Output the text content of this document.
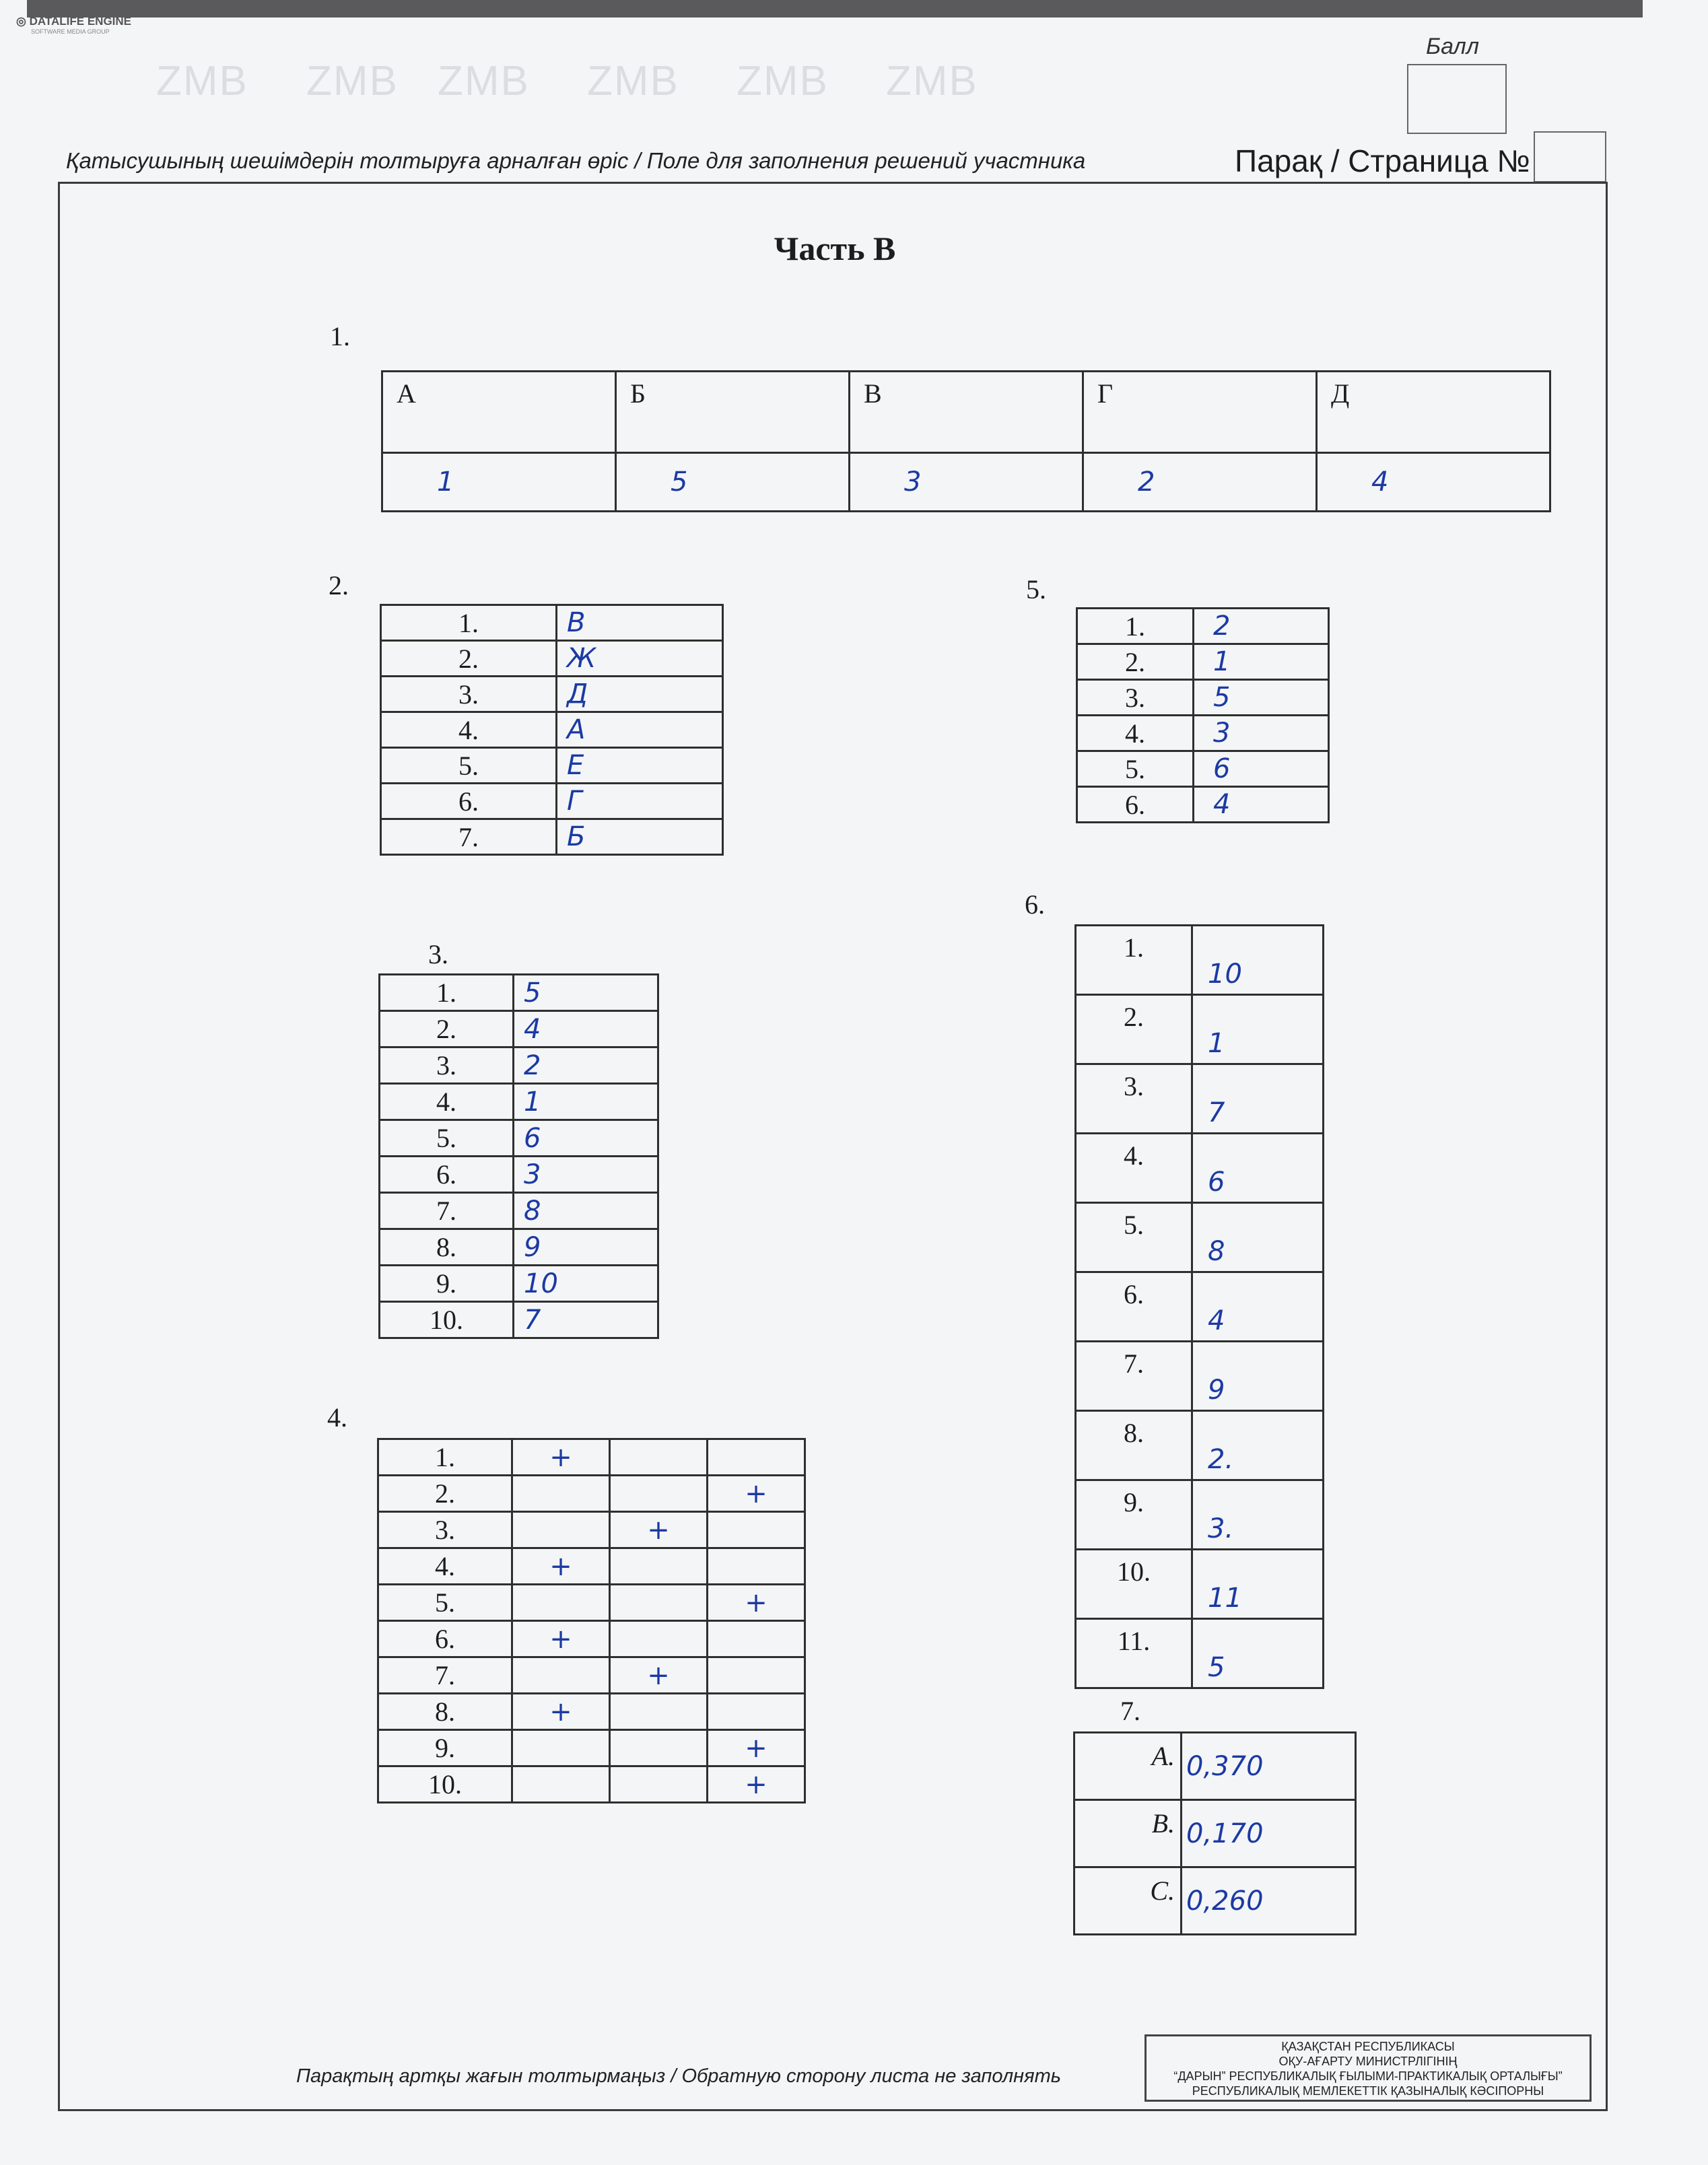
◎ DATALIFE ENGINE
SOFTWARE MEDIA GROUP
ZMB ZMB ZMB ZMB ZMB ZMB
Балл
Қатысушының шешімдерін толтыруға арналған өріс / Поле для заполнения решений участника	Парақ / Страница №
Часть В
1.
А	Б	В	Г	Д
1	5	3	2	4
2.
1.	В
2.	Ж
3.	Д
4.	А
5.	Е
6.	Г
7.	Б
5.
1.	2
2.	1
3.	5
4.	3
5.	6
6.	4
3.
1.	5
2.	4
3.	2
4.	1
5.	6
6.	3
7.	8
8.	9
9.	10
10.	7
6.
1.	10
2.	1
3.	7
4.	6
5.	8
6.	4
7.	9
8.	2.
9.	3.
10.	11
11.	5
4.
1.	+		
2.			+
3.		+	
4.	+		
5.			+
6.	+		
7.		+	
8.	+		
9.			+
10.			+
7.
A.	0,370
B.	0,170
C.	0,260
Парақтың артқы жағын толтырмаңыз / Обратную сторону листа не заполнять
ҚАЗАҚСТАН РЕСПУБЛИКАСЫ
ОҚУ-АҒАРТУ МИНИСТРЛІГІНІҢ
“ДАРЫН” РЕСПУБЛИКАЛЫҚ ҒЫЛЫМИ-ПРАКТИКАЛЫҚ ОРТАЛЫҒЫ”
РЕСПУБЛИКАЛЫҚ МЕМЛЕКЕТТІК ҚАЗЫНАЛЫҚ КӘСІПОРНЫ
